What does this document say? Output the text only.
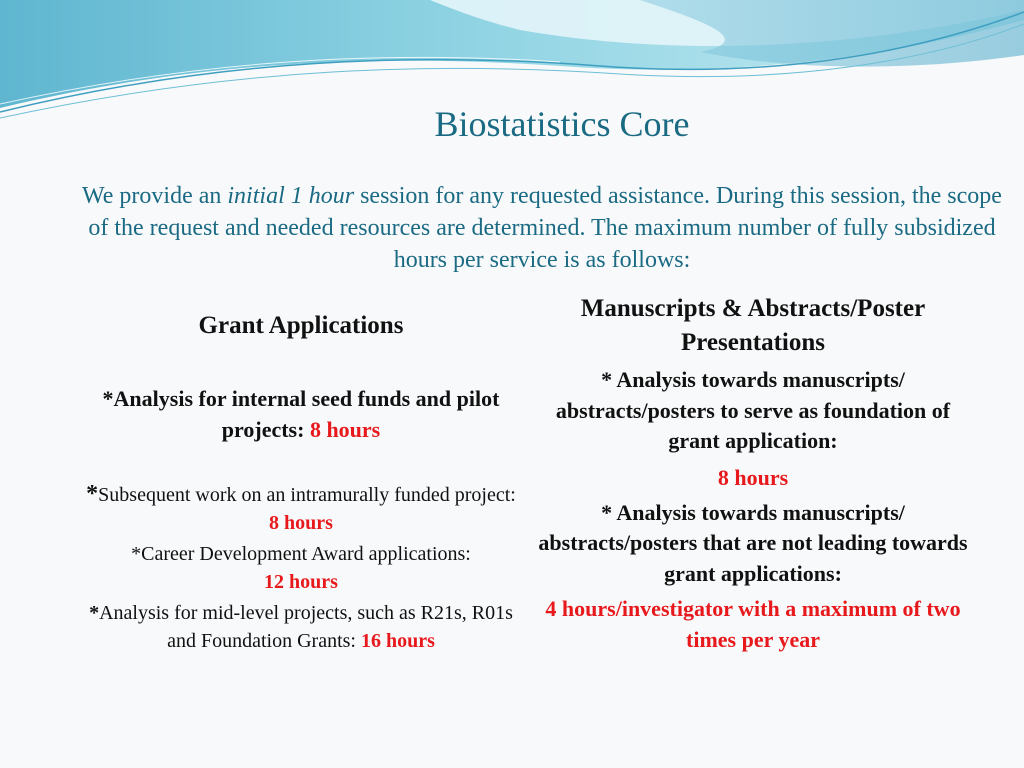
Biostatistics Core

We provide an initial 1 hour session for any requested assistance. During this session, the scope of the request and needed resources are determined. The maximum number of fully subsidized hours per service is as follows:

Grant Applications

*Analysis for internal seed funds and pilot projects: 8 hours

*Subsequent work on an intramurally funded project: 8 hours

*Career Development Award applications:
12 hours

*Analysis for mid-level projects, such as R21s, R01s and Foundation Grants: 16 hours

Manuscripts & Abstracts/Poster Presentations

* Analysis towards manuscripts/ abstracts/posters to serve as foundation of grant application:

8 hours

* Analysis towards manuscripts/ abstracts/posters that are not leading towards grant applications:

4 hours/investigator with a maximum of two times per year
